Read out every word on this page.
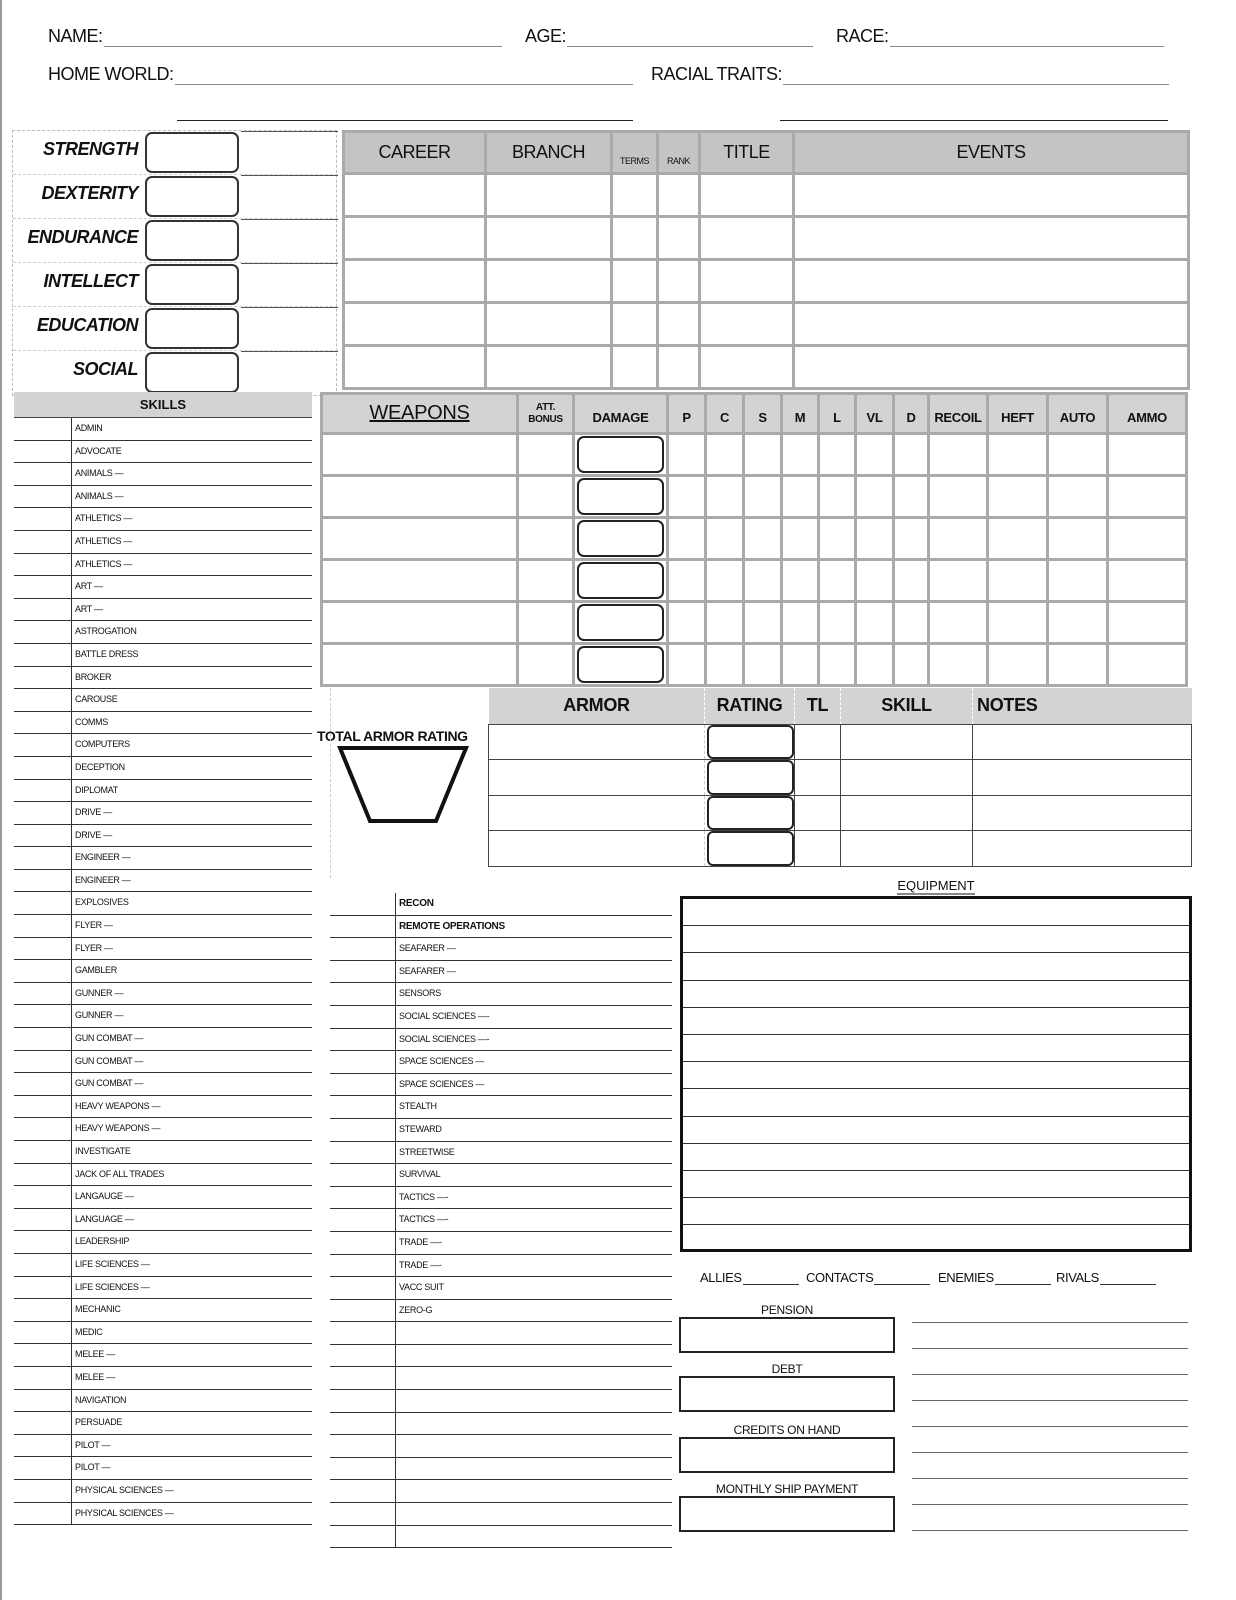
NAME:	AGE:	RACE:
HOME WORLD:	RACIAL TRAITS:
STRENGTH
DEXTERITY
ENDURANCE
INTELLECT
EDUCATION
SOCIAL
CAREER	BRANCH	TERMS	RANK	TITLE	EVENTS

SKILLS
ADMIN
ADVOCATE
ANIMALS —
ANIMALS —
ATHLETICS —
ATHLETICS —
ATHLETICS —
ART —
ART —
ASTROGATION
BATTLE DRESS
BROKER
CAROUSE
COMMS
COMPUTERS
DECEPTION
DIPLOMAT
DRIVE —
DRIVE —
ENGINEER —
ENGINEER —
EXPLOSIVES
FLYER —
FLYER —
GAMBLER
GUNNER —
GUNNER —
GUN COMBAT —
GUN COMBAT —
GUN COMBAT —
HEAVY WEAPONS —
HEAVY WEAPONS —
INVESTIGATE
JACK OF ALL TRADES
LANGAUGE —
LANGUAGE —
LEADERSHIP
LIFE SCIENCES —
LIFE SCIENCES —
MECHANIC
MEDIC
MELEE —
MELEE —
NAVIGATION
PERSUADE
PILOT —
PILOT —
PHYSICAL SCIENCES —
PHYSICAL SCIENCES —
WEAPONS	ATT. BONUS	DAMAGE	P	C	S	M	L	VL	D	RECOIL	HEFT	AUTO	AMMO

TOTAL ARMOR RATING
ARMOR	RATING	TL	SKILL	NOTES

RECON
REMOTE OPERATIONS
SEAFARER —
SEAFARER —
SENSORS
SOCIAL SCIENCES —-
SOCIAL SCIENCES —-
SPACE SCIENCES —
SPACE SCIENCES —
STEALTH
STEWARD
STREETWISE
SURVIVAL
TACTICS —-
TACTICS —-
TRADE —-
TRADE —-
VACC SUIT
ZERO-G
EQUIPMENT
ALLIES	CONTACTS	ENEMIES	RIVALS
PENSION
DEBT
CREDITS ON HAND
MONTHLY SHIP PAYMENT
